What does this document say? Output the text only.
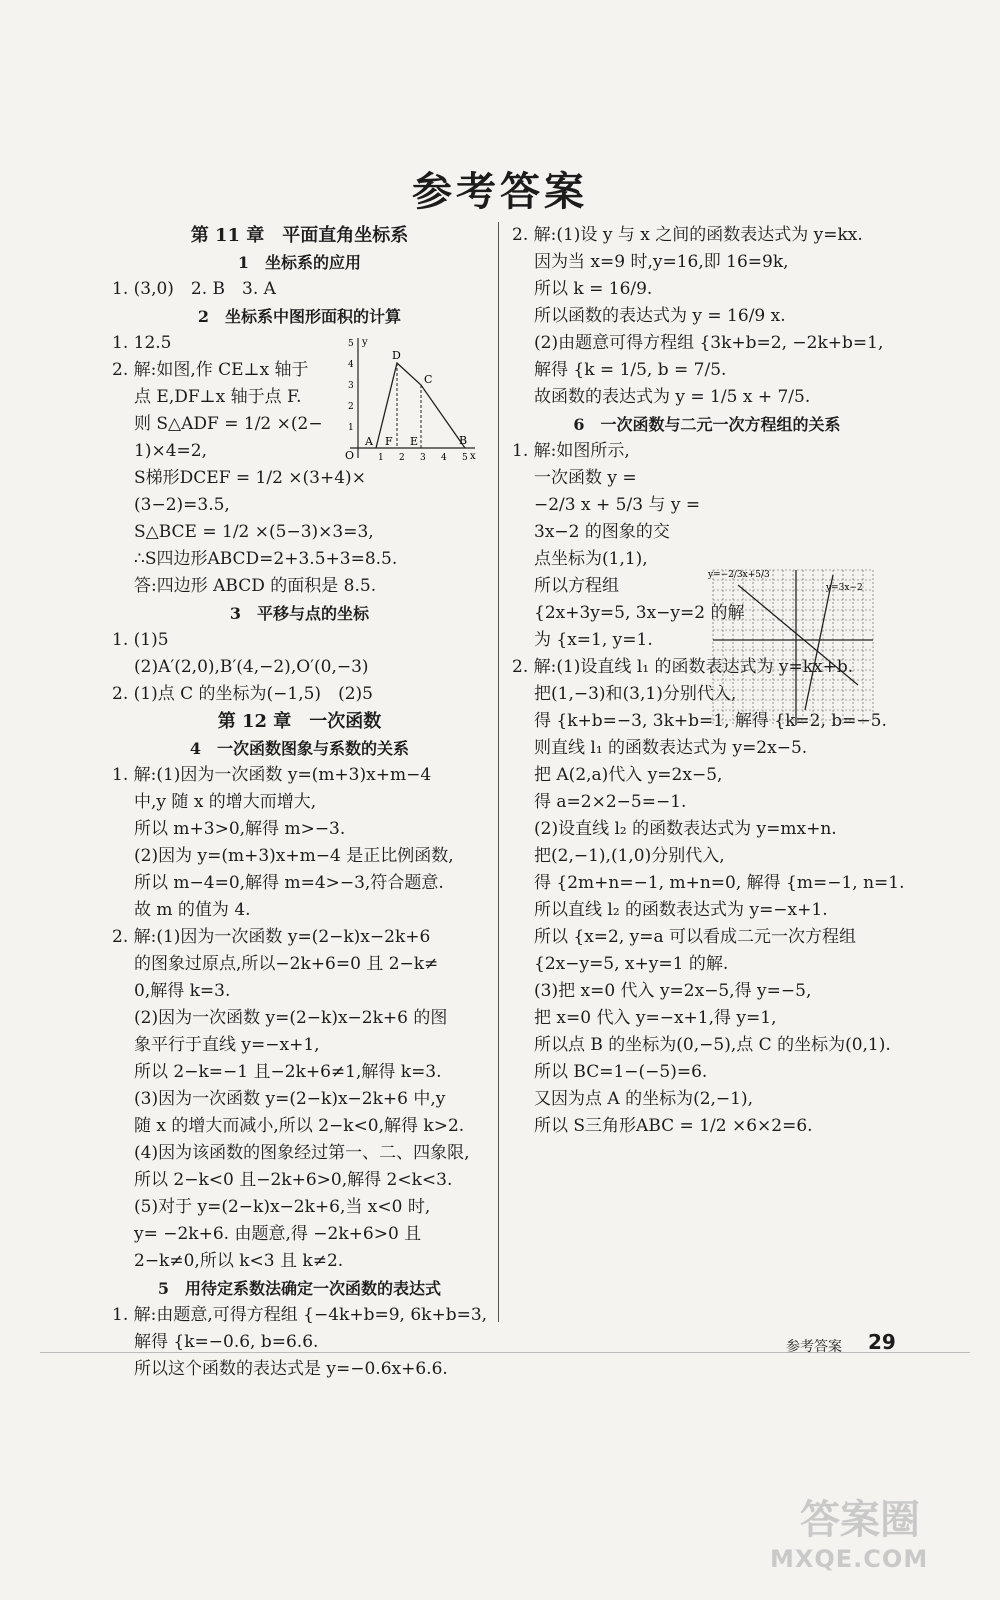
参考答案
第 11 章　平面直角坐标系
1　坐标系的应用
1. (3,0)　2. B　3. A
2　坐标系中图形面积的计算
1. 12.5
2. 解:如图,作 CE⊥x 轴于
点 E,DF⊥x 轴于点 F.
则 S△ADF = 1/2 ×(2−
1)×4=2,
S梯形DCEF = 1/2 ×(3+4)×
(3−2)=3.5,
S△BCE = 1/2 ×(5−3)×3=3,
∴S四边形ABCD=2+3.5+3=8.5.
答:四边形 ABCD 的面积是 8.5.
3　平移与点的坐标
1. (1)5
(2)A′(2,0),B′(4,−2),O′(0,−3)
2. (1)点 C 的坐标为(−1,5)　(2)5
第 12 章　一次函数
4　一次函数图象与系数的关系
1. 解:(1)因为一次函数 y=(m+3)x+m−4
中,y 随 x 的增大而增大,
所以 m+3>0,解得 m>−3.
(2)因为 y=(m+3)x+m−4 是正比例函数,
所以 m−4=0,解得 m=4>−3,符合题意.
故 m 的值为 4.
2. 解:(1)因为一次函数 y=(2−k)x−2k+6
的图象过原点,所以−2k+6=0 且 2−k≠
0,解得 k=3.
(2)因为一次函数 y=(2−k)x−2k+6 的图
象平行于直线 y=−x+1,
所以 2−k=−1 且−2k+6≠1,解得 k=3.
(3)因为一次函数 y=(2−k)x−2k+6 中,y
随 x 的增大而减小,所以 2−k<0,解得 k>2.
(4)因为该函数的图象经过第一、二、四象限,
所以 2−k<0 且−2k+6>0,解得 2<k<3.
(5)对于 y=(2−k)x−2k+6,当 x<0 时,
y= −2k+6. 由题意,得 −2k+6>0 且
2−k≠0,所以 k<3 且 k≠2.
5　用待定系数法确定一次函数的表达式
1. 解:由题意,可得方程组 {−4k+b=9, 6k+b=3,
解得 {k=−0.6, b=6.6.
所以这个函数的表达式是 y=−0.6x+6.6.
2. 解:(1)设 y 与 x 之间的函数表达式为 y=kx.
因为当 x=9 时,y=16,即 16=9k,
所以 k = 16/9.
所以函数的表达式为 y = 16/9 x.
(2)由题意可得方程组 {3k+b=2, −2k+b=1,
解得 {k = 1/5, b = 7/5.
故函数的表达式为 y = 1/5 x + 7/5.
6　一次函数与二元一次方程组的关系
1. 解:如图所示,
一次函数 y =
−2/3 x + 5/3 与 y =
3x−2 的图象的交
点坐标为(1,1),
所以方程组
{2x+3y=5, 3x−y=2 的解
为 {x=1, y=1.
2. 解:(1)设直线 l₁ 的函数表达式为 y=kx+b.
把(1,−3)和(3,1)分别代入,
得 {k+b=−3, 3k+b=1, 解得 {k=2, b=−5.
则直线 l₁ 的函数表达式为 y=2x−5.
把 A(2,a)代入 y=2x−5,
得 a=2×2−5=−1.
(2)设直线 l₂ 的函数表达式为 y=mx+n.
把(2,−1),(1,0)分别代入,
得 {2m+n=−1, m+n=0, 解得 {m=−1, n=1.
所以直线 l₂ 的函数表达式为 y=−x+1.
所以 {x=2, y=a 可以看成二元一次方程组
{2x−y=5, x+y=1 的解.
(3)把 x=0 代入 y=2x−5,得 y=−5,
把 x=0 代入 y=−x+1,得 y=1,
所以点 B 的坐标为(0,−5),点 C 的坐标为(0,1).
所以 BC=1−(−5)=6.
又因为点 A 的坐标为(2,−1),
所以 S三角形ABC = 1/2 ×6×2=6.
y
D
C
A F E	B
O	x
1
1
2
2
3
3
4
4
5
5
y=−2/3x+5/3
y=3x−2
参考答案 29
答案圈
MXQE.COM
